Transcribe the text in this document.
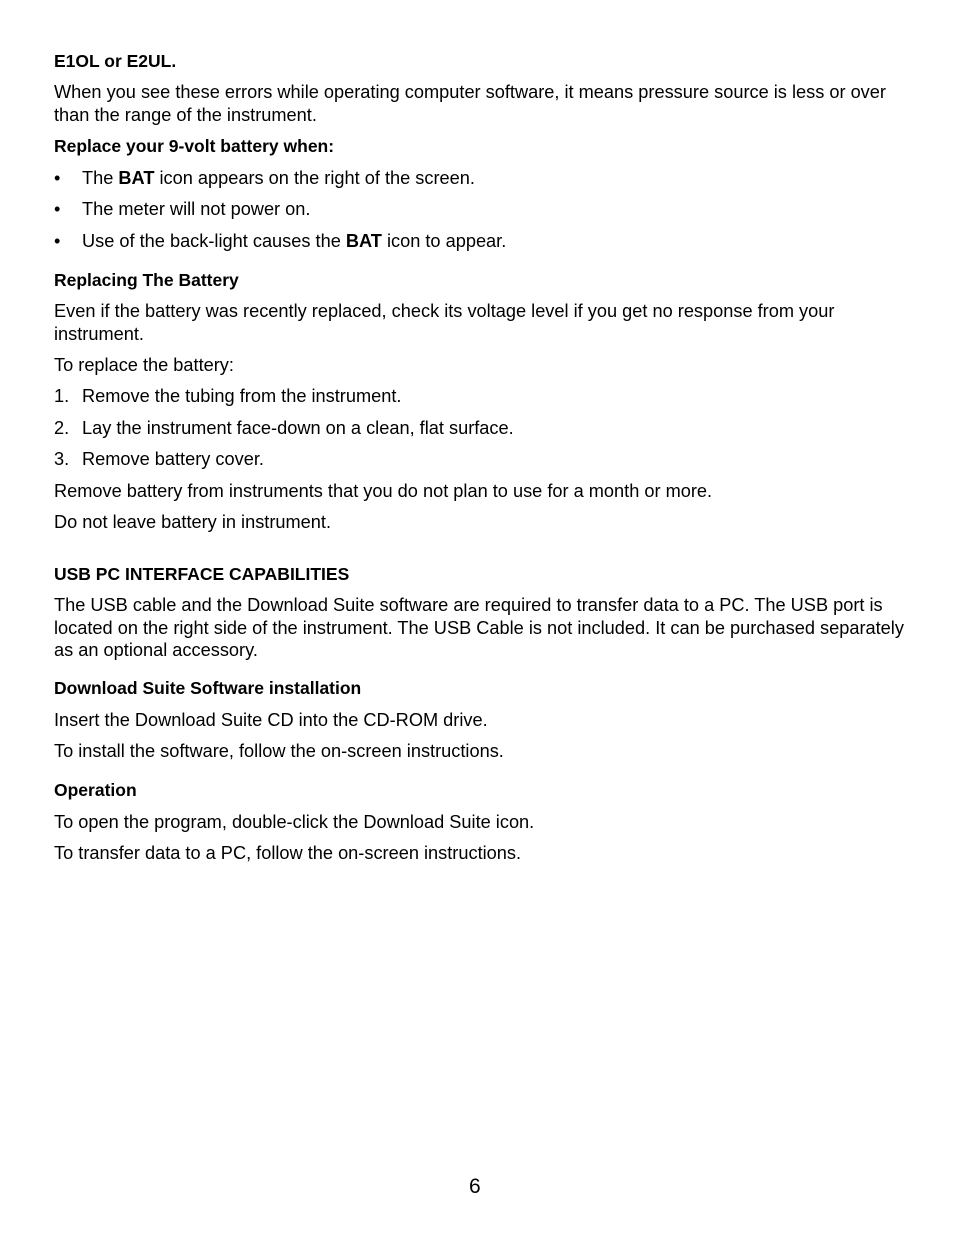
E1OL or E2UL.
When you see these errors while operating computer software, it means pressure source is less or over than the range of the instrument.
Replace your 9-volt battery when:
•	The BAT icon appears on the right of the screen.
•	The meter will not power on.
•	Use of the back-light causes the BAT icon to appear.
Replacing The Battery
Even if the battery was recently replaced, check its voltage level if you get no response from your instrument.
To replace the battery:
1. Remove the tubing from the instrument.
2. Lay the instrument face-down on a clean, flat surface.
3. Remove battery cover.
Remove battery from instruments that you do not plan to use for a month or more.
Do not leave battery in instrument.
USB PC INTERFACE CAPABILITIES
The USB cable and the Download Suite software are required to transfer data to a PC. The USB port is located on the right side of the instrument. The USB Cable is not included. It can be purchased separately as an optional accessory.
Download Suite Software installation
Insert the Download Suite CD into the CD-ROM drive.
To install the software, follow the on-screen instructions.
Operation
To open the program, double-click the Download Suite icon.
To transfer data to a PC, follow the on-screen instructions.
6
